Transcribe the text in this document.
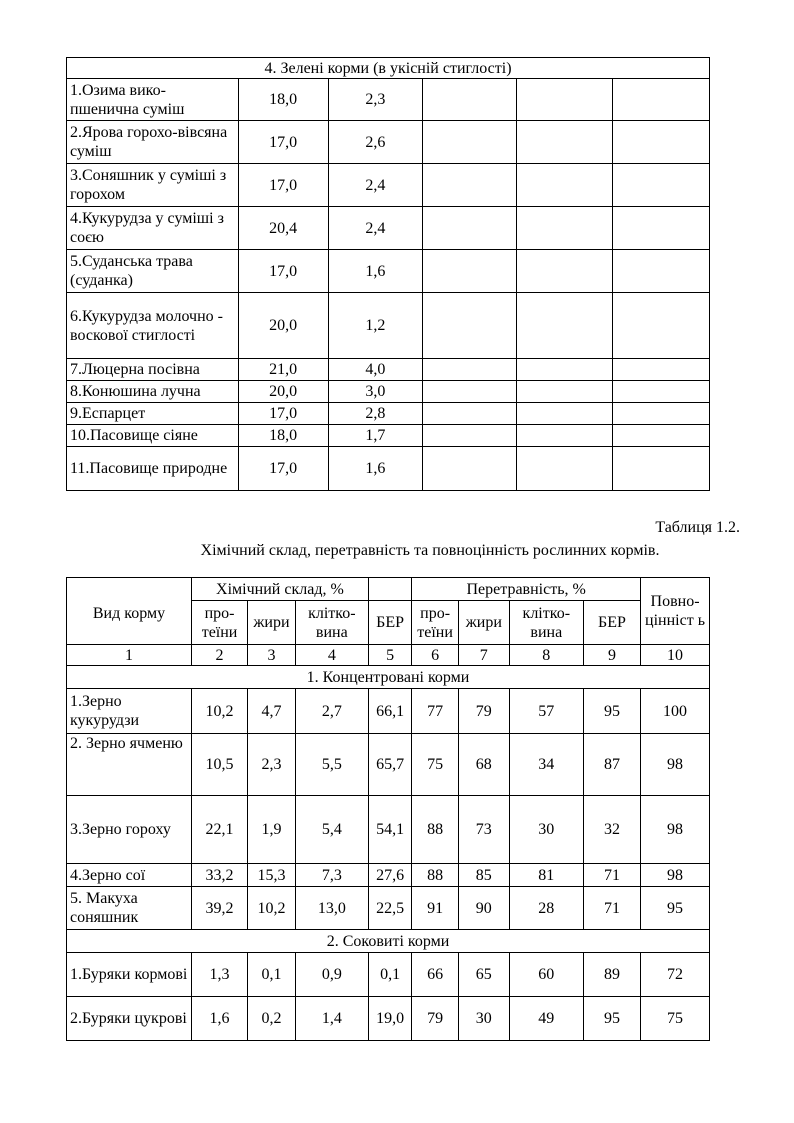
4. Зелені корми (в укісній стиглості)					
1.Озима вико-пшенична суміш	18,0	2,3			
2.Ярова горохо-вівсяна суміш	17,0	2,6			
3.Соняшник у суміші з горохом	17,0	2,4			
4.Кукурудза у суміші з соєю	20,4	2,4			
5.Суданська трава (суданка)	17,0	1,6			
6.Кукурудза молочно - воскової стиглості	20,0	1,2			
7.Люцерна посівна	21,0	4,0			
8.Конюшина лучна	20,0	3,0			
9.Еспарцет	17,0	2,8			
10.Пасовище сіяне	18,0	1,7			
11.Пасовище природне	17,0	1,6			
Таблиця 1.2.
Хімічний склад, перетравність та повноцінність рослинних кормів.
Вид корму	Хімічний склад, %				Перетравність, %				Повно-цінніст ь
	про-теїни	жири	клітко-вина	БЕР	про-теїни	жири	клітко-вина	БЕР	
1	2	3	4	5	6	7	8	9	10
1. Концентровані корми									
1.Зерно кукурудзи	10,2	4,7	2,7	66,1	77	79	57	95	100
2. Зерно ячменю	10,5	2,3	5,5	65,7	75	68	34	87	98
3.Зерно гороху	22,1	1,9	5,4	54,1	88	73	30	32	98
4.Зерно сої	33,2	15,3	7,3	27,6	88	85	81	71	98
5. Макуха соняшник	39,2	10,2	13,0	22,5	91	90	28	71	95
2. Соковиті корми									
1.Буряки кормові	1,3	0,1	0,9	0,1	66	65	60	89	72
2.Буряки цукрові	1,6	0,2	1,4	19,0	79	30	49	95	75
